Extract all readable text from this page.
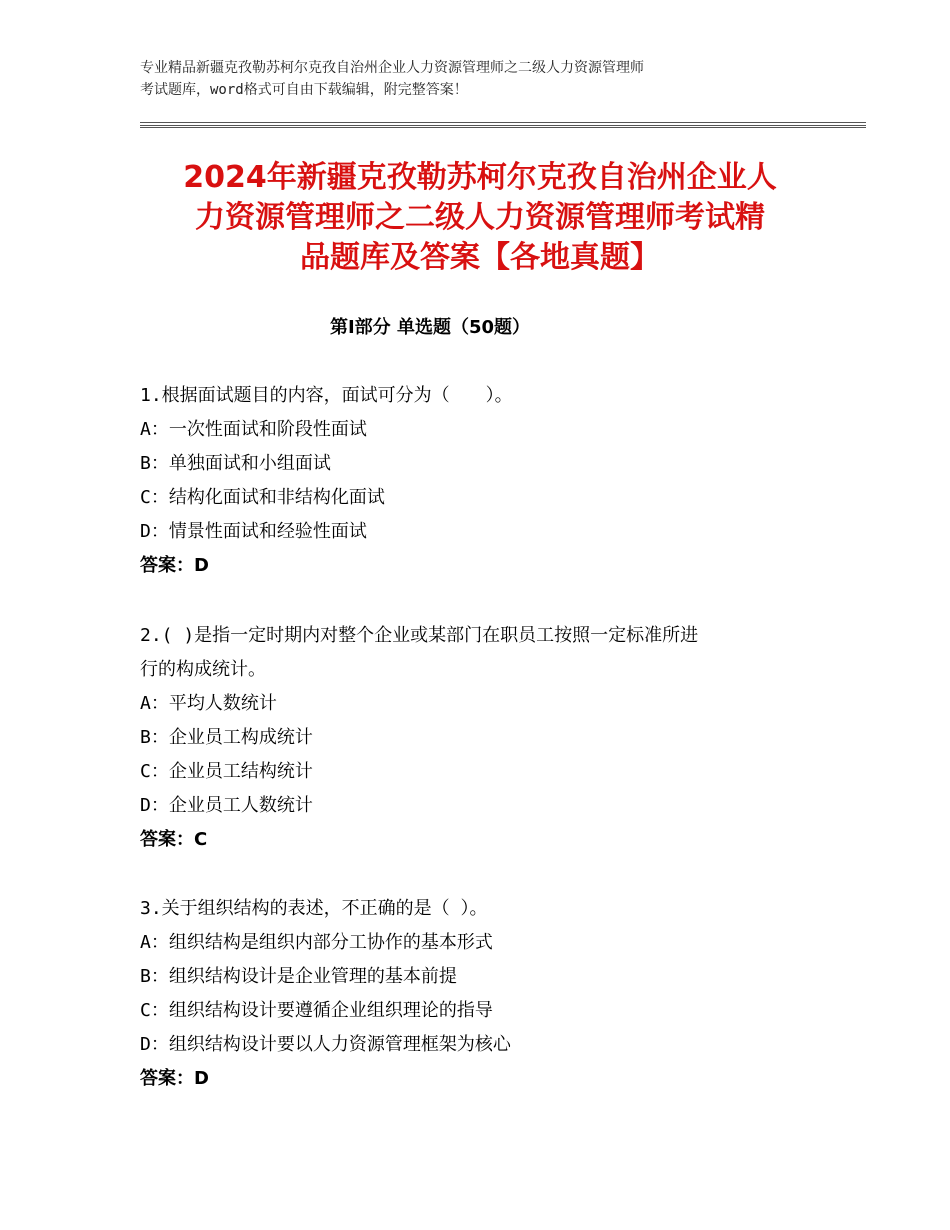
专业精品新疆克孜勒苏柯尔克孜自治州企业人力资源管理师之二级人力资源管理师
考试题库，word格式可自由下载编辑，附完整答案！
2024年新疆克孜勒苏柯尔克孜自治州企业人
力资源管理师之二级人力资源管理师考试精
品题库及答案【各地真题】
第Ⅰ部分 单选题（50题）
1.根据面试题目的内容，面试可分为（　　）。
A：一次性面试和阶段性面试
B：单独面试和小组面试
C：结构化面试和非结构化面试
D：情景性面试和经验性面试
答案：D
2.( )是指一定时期内对整个企业或某部门在职员工按照一定标准所进
行的构成统计。
A：平均人数统计
B：企业员工构成统计
C：企业员工结构统计
D：企业员工人数统计
答案：C
3.关于组织结构的表述，不正确的是（ ）。
A：组织结构是组织内部分工协作的基本形式
B：组织结构设计是企业管理的基本前提
C：组织结构设计要遵循企业组织理论的指导
D：组织结构设计要以人力资源管理框架为核心
答案：D
